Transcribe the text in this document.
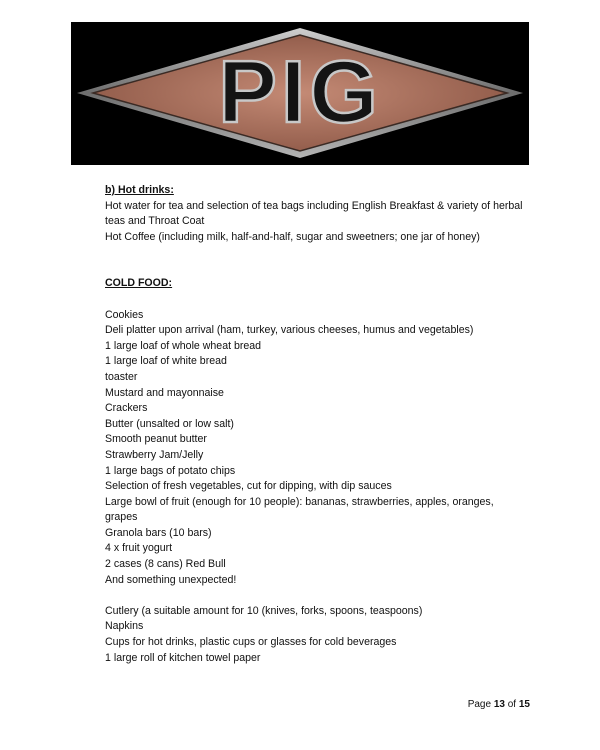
PIG

b) Hot drinks:

Hot water for tea and selection of tea bags including English Breakfast & variety of herbal teas and Throat Coat

Hot Coffee (including milk, half-and-half, sugar and sweetners; one jar of honey)

COLD FOOD:

Cookies

Deli platter upon arrival (ham, turkey, various cheeses, humus and vegetables)

1 large loaf of whole wheat bread

1 large loaf of white bread

toaster

Mustard and mayonnaise

Crackers

Butter (unsalted or low salt)

Smooth peanut butter

Strawberry Jam/Jelly

1 large bags of potato chips

Selection of fresh vegetables, cut for dipping, with dip sauces

Large bowl of fruit (enough for 10 people): bananas, strawberries, apples, oranges, grapes

Granola bars (10 bars)

4 x fruit yogurt

2 cases (8 cans) Red Bull

And something unexpected!

Cutlery (a suitable amount for 10 (knives, forks, spoons, teaspoons)

Napkins

Cups for hot drinks, plastic cups or glasses for cold beverages

1 large roll of kitchen towel paper

Page 13 of 15
